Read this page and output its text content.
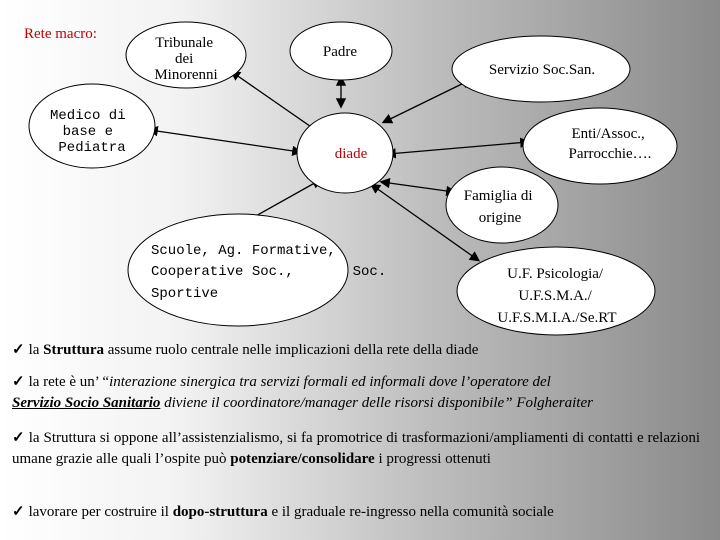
Rete macro:
Tribunale dei Minorenni
Padre
Servizio Soc.San.
Medico di base e Pediatra	diade
Enti/Assoc., Parrocchie….
Famiglia di origine
Scuole, Ag. Formative, Cooperative Soc.,       Soc. Sportive
U.F. Psicologia/ U.F.S.M.A./ U.F.S.M.I.A./Se.RT
✓ la Struttura assume ruolo centrale nelle implicazioni della rete della diade
✓ la rete è un’ “interazione sinergica tra servizi formali ed informali dove l’operatore del
Servizio Socio Sanitario diviene il coordinatore/manager delle risorsi disponibile” Folgheraiter
✓ la Struttura si oppone all’assistenzialismo, si fa promotrice di trasformazioni/ampliamenti di contatti e relazioni umane grazie alle quali l’ospite può potenziare/consolidare i progressi ottenuti
✓ lavorare per costruire il dopo-struttura e il graduale re-ingresso nella comunità sociale
